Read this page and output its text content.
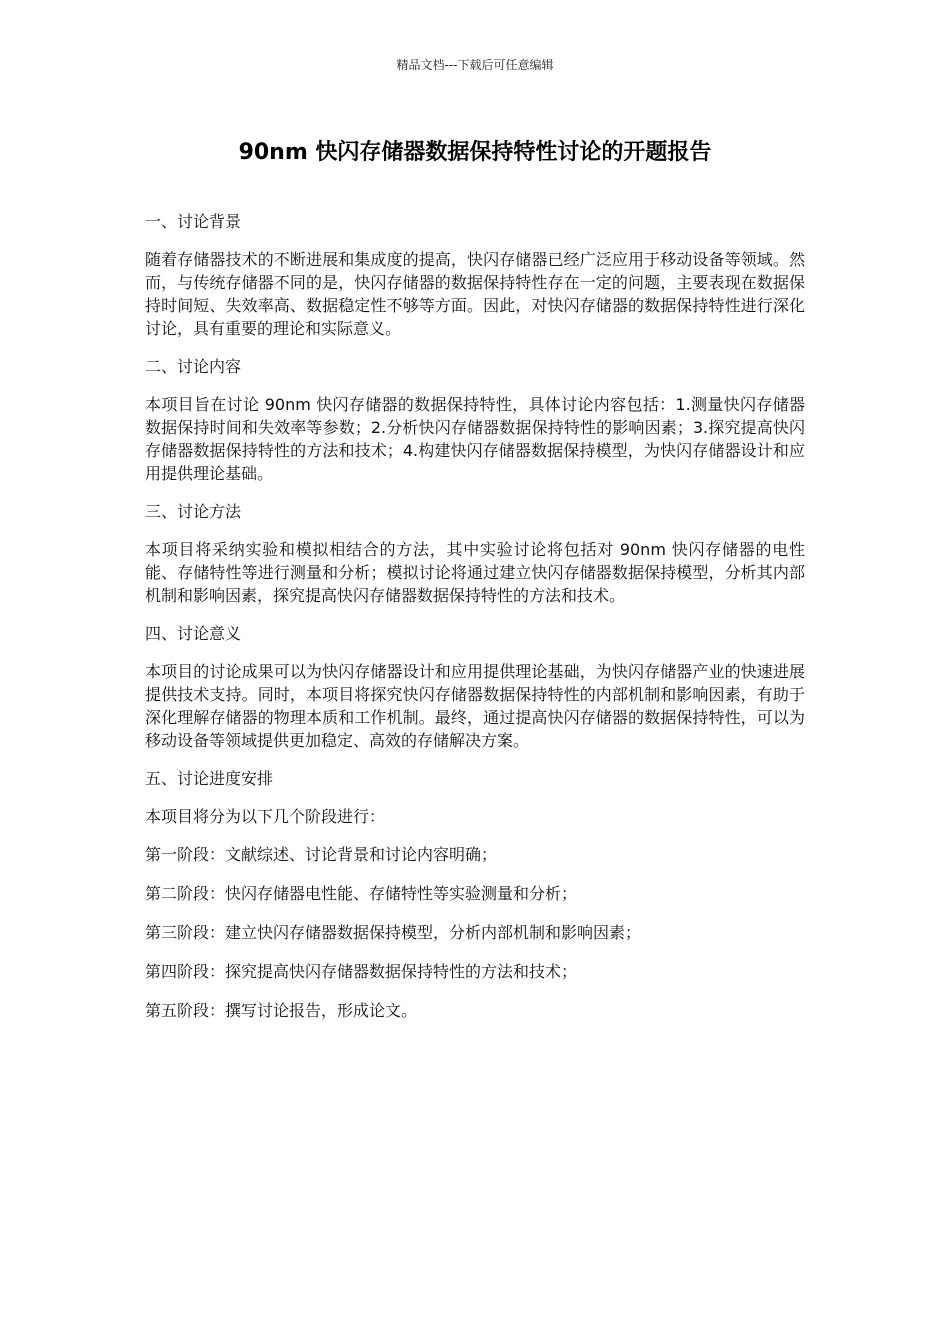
精品文档---下载后可任意编辑
90nm 快闪存储器数据保持特性讨论的开题报告
一、讨论背景

随着存储器技术的不断进展和集成度的提高，快闪存储器已经广泛应用于移动设备等领域。然而，与传统存储器不同的是，快闪存储器的数据保持特性存在一定的问题，主要表现在数据保持时间短、失效率高、数据稳定性不够等方面。因此，对快闪存储器的数据保持特性进行深化讨论，具有重要的理论和实际意义。

二、讨论内容

本项目旨在讨论 90nm 快闪存储器的数据保持特性，具体讨论内容包括：1.测量快闪存储器数据保持时间和失效率等参数；2.分析快闪存储器数据保持特性的影响因素；3.探究提高快闪存储器数据保持特性的方法和技术；4.构建快闪存储器数据保持模型，为快闪存储器设计和应用提供理论基础。

三、讨论方法

本项目将采纳实验和模拟相结合的方法，其中实验讨论将包括对 90nm 快闪存储器的电性能、存储特性等进行测量和分析；模拟讨论将通过建立快闪存储器数据保持模型，分析其内部机制和影响因素，探究提高快闪存储器数据保持特性的方法和技术。

四、讨论意义

本项目的讨论成果可以为快闪存储器设计和应用提供理论基础，为快闪存储器产业的快速进展提供技术支持。同时，本项目将探究快闪存储器数据保持特性的内部机制和影响因素，有助于深化理解存储器的物理本质和工作机制。最终，通过提高快闪存储器的数据保持特性，可以为移动设备等领域提供更加稳定、高效的存储解决方案。

五、讨论进度安排

本项目将分为以下几个阶段进行：

第一阶段：文献综述、讨论背景和讨论内容明确；
第二阶段：快闪存储器电性能、存储特性等实验测量和分析；
第三阶段：建立快闪存储器数据保持模型，分析内部机制和影响因素；
第四阶段：探究提高快闪存储器数据保持特性的方法和技术；
第五阶段：撰写讨论报告，形成论文。
